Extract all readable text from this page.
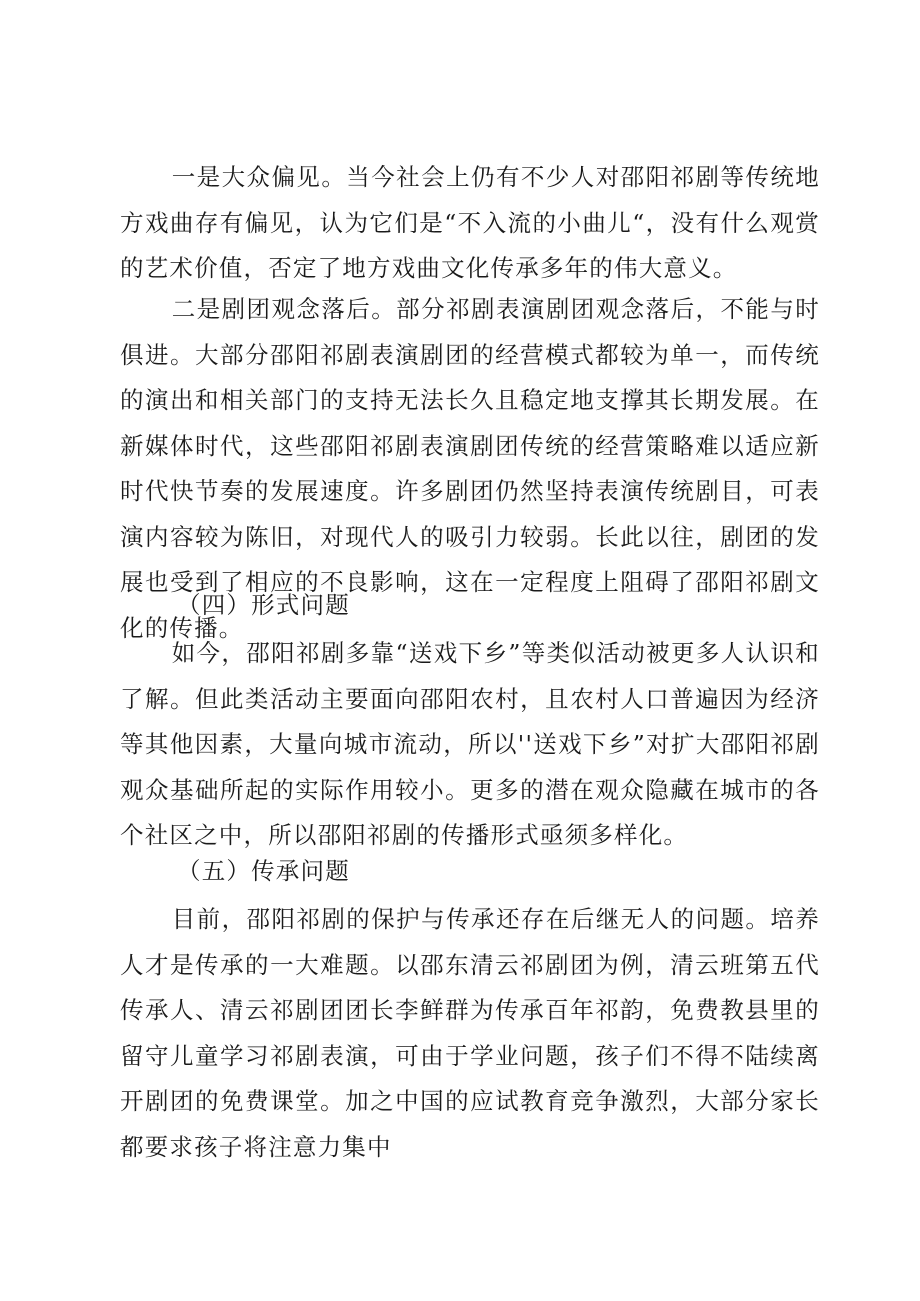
一是大众偏见。当今社会上仍有不少人对邵阳祁剧等传统地方戏曲存有偏见，认为它们是“不入流的小曲儿“，没有什么观赏的艺术价值，否定了地方戏曲文化传承多年的伟大意义。

二是剧团观念落后。部分祁剧表演剧团观念落后，不能与时俱进。大部分邵阳祁剧表演剧团的经营模式都较为单一，而传统的演出和相关部门的支持无法长久且稳定地支撑其长期发展。在新媒体时代，这些邵阳祁剧表演剧团传统的经营策略难以适应新时代快节奏的发展速度。许多剧团仍然坚持表演传统剧目，可表演内容较为陈旧，对现代人的吸引力较弱。长此以往，剧团的发展也受到了相应的不良影响，这在一定程度上阻碍了邵阳祁剧文化的传播。

（四）形式问题

如今，邵阳祁剧多靠“送戏下乡”等类似活动被更多人认识和了解。但此类活动主要面向邵阳农村，且农村人口普遍因为经济等其他因素，大量向城市流动，所以''送戏下乡”对扩大邵阳祁剧观众基础所起的实际作用较小。更多的潜在观众隐藏在城市的各个社区之中，所以邵阳祁剧的传播形式亟须多样化。

（五）传承问题

目前，邵阳祁剧的保护与传承还存在后继无人的问题。培养人才是传承的一大难题。以邵东清云祁剧团为例，清云班第五代传承人、清云祁剧团团长李鲜群为传承百年祁韵，免费教县里的留守儿童学习祁剧表演，可由于学业问题，孩子们不得不陆续离开剧团的免费课堂。加之中国的应试教育竞争激烈，大部分家长都要求孩子将注意力集中
